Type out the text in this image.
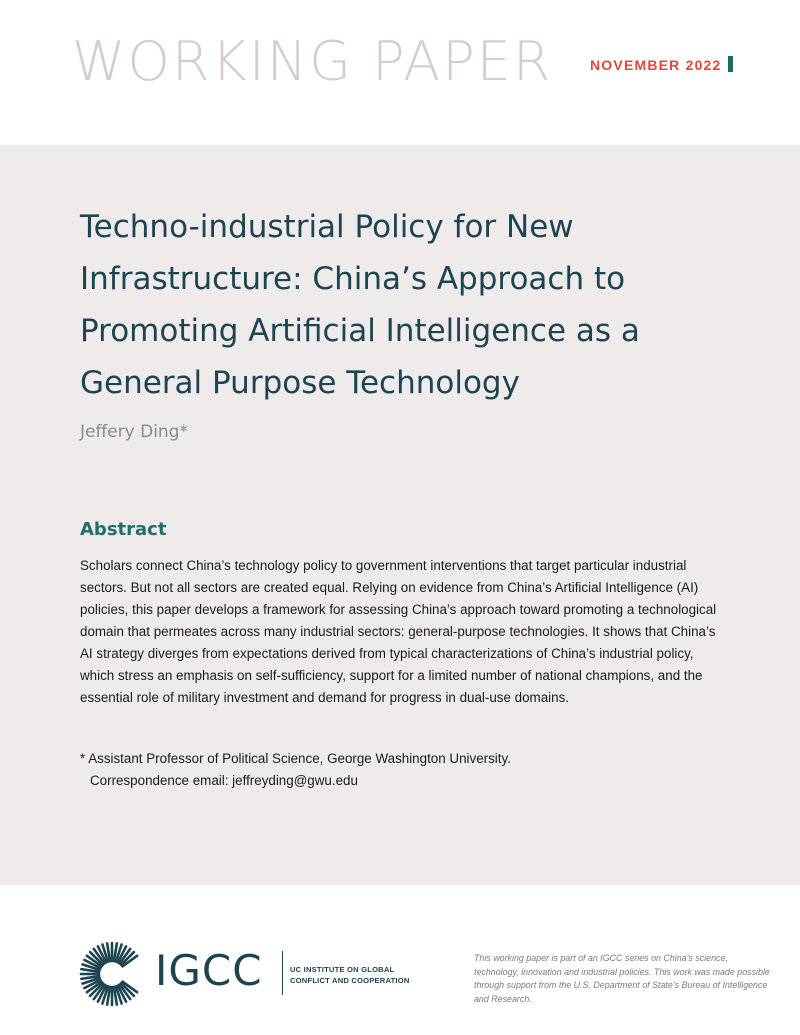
WORKING PAPER	NOVEMBER 2022
Techno-industrial Policy for New Infrastructure: China’s Approach to Promoting Artificial Intelligence as a General Purpose Technology
Jeffery Ding*
Abstract

Scholars connect China’s technology policy to government interventions that target particular industrial sectors. But not all sectors are created equal. Relying on evidence from China’s Artificial Intelligence (AI) policies, this paper develops a framework for assessing China’s approach toward promoting a technological domain that permeates across many industrial sectors: general-purpose technologies. It shows that China’s AI strategy diverges from expectations derived from typical characterizations of China’s industrial policy, which stress an emphasis on self-sufficiency, support for a limited number of national champions, and the essential role of military investment and demand for progress in dual-use domains.

* Assistant Professor of Political Science, George Washington University.
Correspondence email: jeffreyding@gwu.edu

IGCC	UC INSTITUTE ON GLOBAL
CONFLICT AND COOPERATION

This working paper is part of an IGCC series on China’s science, technology, innovation and industrial policies. This work was made possible through support from the U.S. Department of State’s Bureau of Intelligence and Research.
